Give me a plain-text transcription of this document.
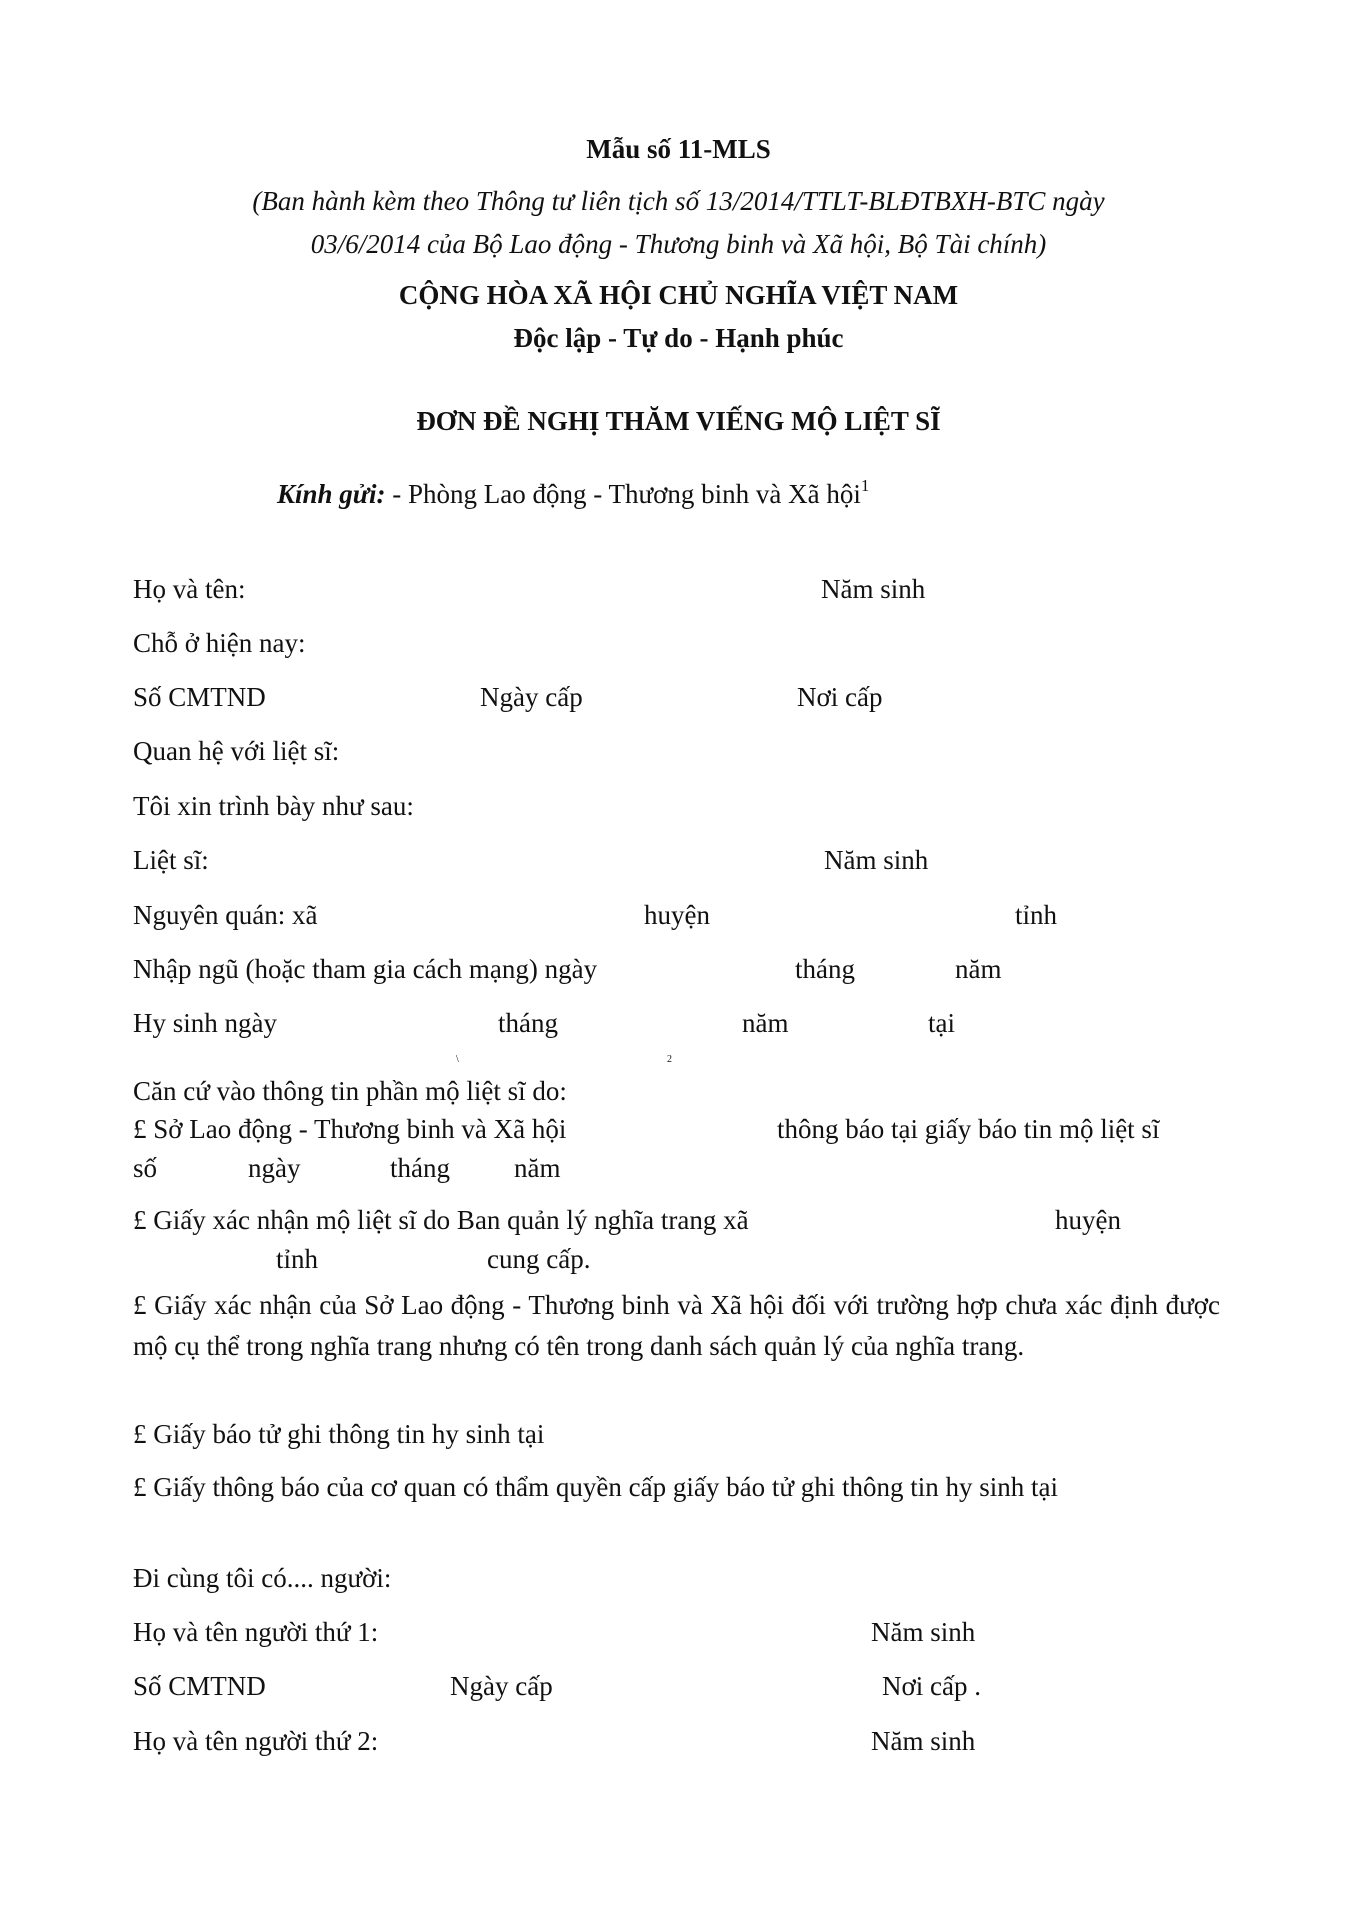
Mẫu số 11-MLS
(Ban hành kèm theo Thông tư liên tịch số 13/2014/TTLT-BLĐTBXH-BTC ngày
03/6/2014 của Bộ Lao động - Thương binh và Xã hội, Bộ Tài chính)
CỘNG HÒA XÃ HỘI CHỦ NGHĨA VIỆT NAM
Độc lập - Tự do - Hạnh phúc
ĐƠN ĐỀ NGHỊ THĂM VIẾNG MỘ LIỆT SĨ
Kính gửi: - Phòng Lao động - Thương binh và Xã hội$^1$
Họ và tên:	Năm sinh
Chỗ ở hiện nay:
Số CMTND	Ngày cấp	Nơi cấp
Quan hệ với liệt sĩ:
Tôi xin trình bày như sau:
Liệt sĩ:	Năm sinh
Nguyên quán: xã	huyện	tỉnh
Nhập ngũ (hoặc tham gia cách mạng) ngày	tháng	năm
Hy sinh ngày	tháng	năm	tại
\	2
Căn cứ vào thông tin phần mộ liệt sĩ do:
£ Sở Lao động - Thương binh và Xã hội	thông báo tại giấy báo tin mộ liệt sĩ
số	ngày	tháng năm
£ Giấy xác nhận mộ liệt sĩ do Ban quản lý nghĩa trang xã	huyện
tỉnh	cung cấp.
£ Giấy xác nhận của Sở Lao động - Thương binh và Xã hội đối với trường hợp chưa xác định được mộ cụ thể trong nghĩa trang nhưng có tên trong danh sách quản lý của nghĩa trang.
£ Giấy báo tử ghi thông tin hy sinh tại
£ Giấy thông báo của cơ quan có thẩm quyền cấp giấy báo tử ghi thông tin hy sinh tại
Đi cùng tôi có.... người:
Họ và tên người thứ 1:	Năm sinh
Số CMTND	Ngày cấp	Nơi cấp .
Họ và tên người thứ 2:	Năm sinh
